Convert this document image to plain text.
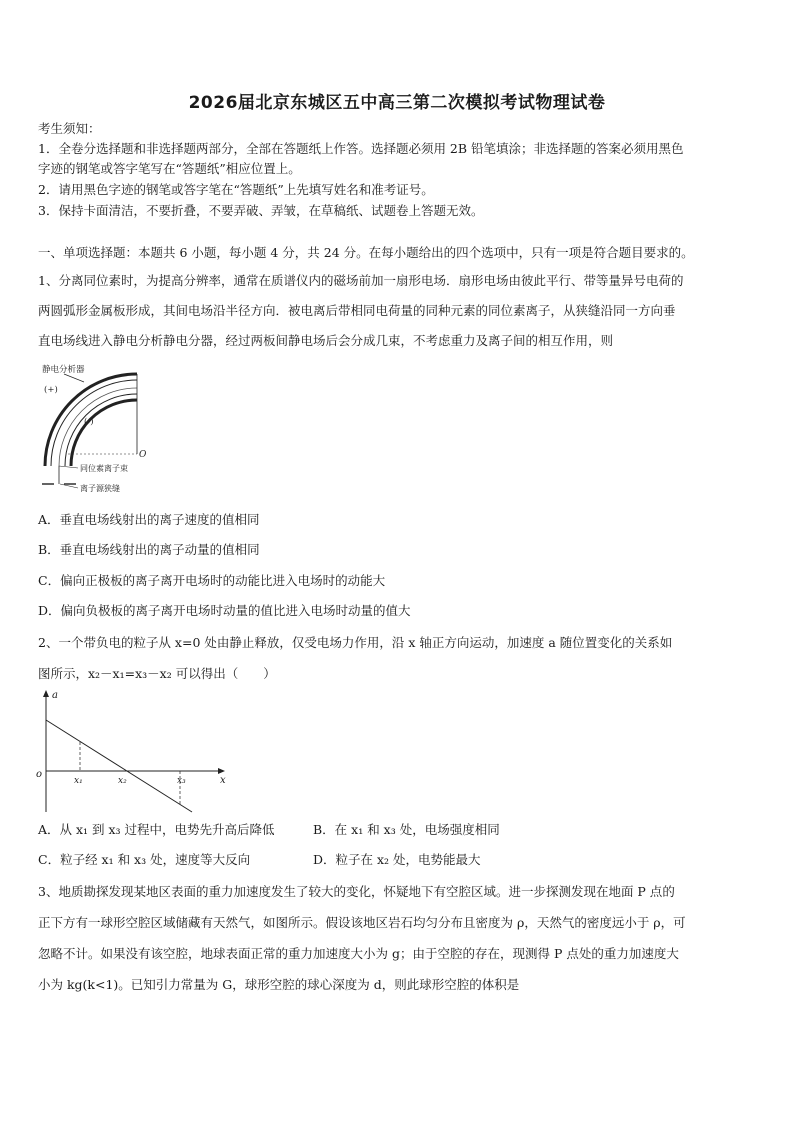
2026届北京东城区五中高三第二次模拟考试物理试卷
考生须知：
1．全卷分选择题和非选择题两部分，全部在答题纸上作答。选择题必须用 2B 铅笔填涂；非选择题的答案必须用黑色
字迹的钢笔或答字笔写在“答题纸”相应位置上。
2．请用黑色字迹的钢笔或答字笔在“答题纸”上先填写姓名和准考证号。
3．保持卡面清洁，不要折叠，不要弄破、弄皱，在草稿纸、试题卷上答题无效。
一、单项选择题：本题共 6 小题，每小题 4 分，共 24 分。在每小题给出的四个选项中，只有一项是符合题目要求的。
1、分离同位素时，为提高分辨率，通常在质谱仪内的磁场前加一扇形电场．扇形电场由彼此平行、带等量异号电荷的
两圆弧形金属板形成，其间电场沿半径方向．被电离后带相同电荷量的同种元素的同位素离子，从狭缝沿同一方向垂
直电场线进入静电分析静电分器，经过两板间静电场后会分成几束，不考虑重力及离子间的相互作用，则
静电分析器
(+)
(-)
O
同位素离子束
离子源狭缝
A．垂直电场线射出的离子速度的值相同
B．垂直电场线射出的离子动量的值相同
C．偏向正极板的离子离开电场时的动能比进入电场时的动能大
D．偏向负极板的离子离开电场时动量的值比进入电场时动量的值大
2、一个带负电的粒子从 x=0 处由静止释放，仅受电场力作用，沿 x 轴正方向运动，加速度 a 随位置变化的关系如
图所示，x₂－x₁=x₃－x₂ 可以得出（　　）
a
x
o
x₁	x₂	x₃
A．从 x₁ 到 x₃ 过程中，电势先升高后降低	B．在 x₁ 和 x₃ 处，电场强度相同
C．粒子经 x₁ 和 x₃ 处，速度等大反向	D．粒子在 x₂ 处，电势能最大
3、地质勘探发现某地区表面的重力加速度发生了较大的变化，怀疑地下有空腔区域。进一步探测发现在地面 P 点的
正下方有一球形空腔区域储藏有天然气，如图所示。假设该地区岩石均匀分布且密度为 ρ，天然气的密度远小于 ρ，可
忽略不计。如果没有该空腔，地球表面正常的重力加速度大小为 g；由于空腔的存在，现测得 P 点处的重力加速度大
小为 kg(k<1)。已知引力常量为 G，球形空腔的球心深度为 d，则此球形空腔的体积是
